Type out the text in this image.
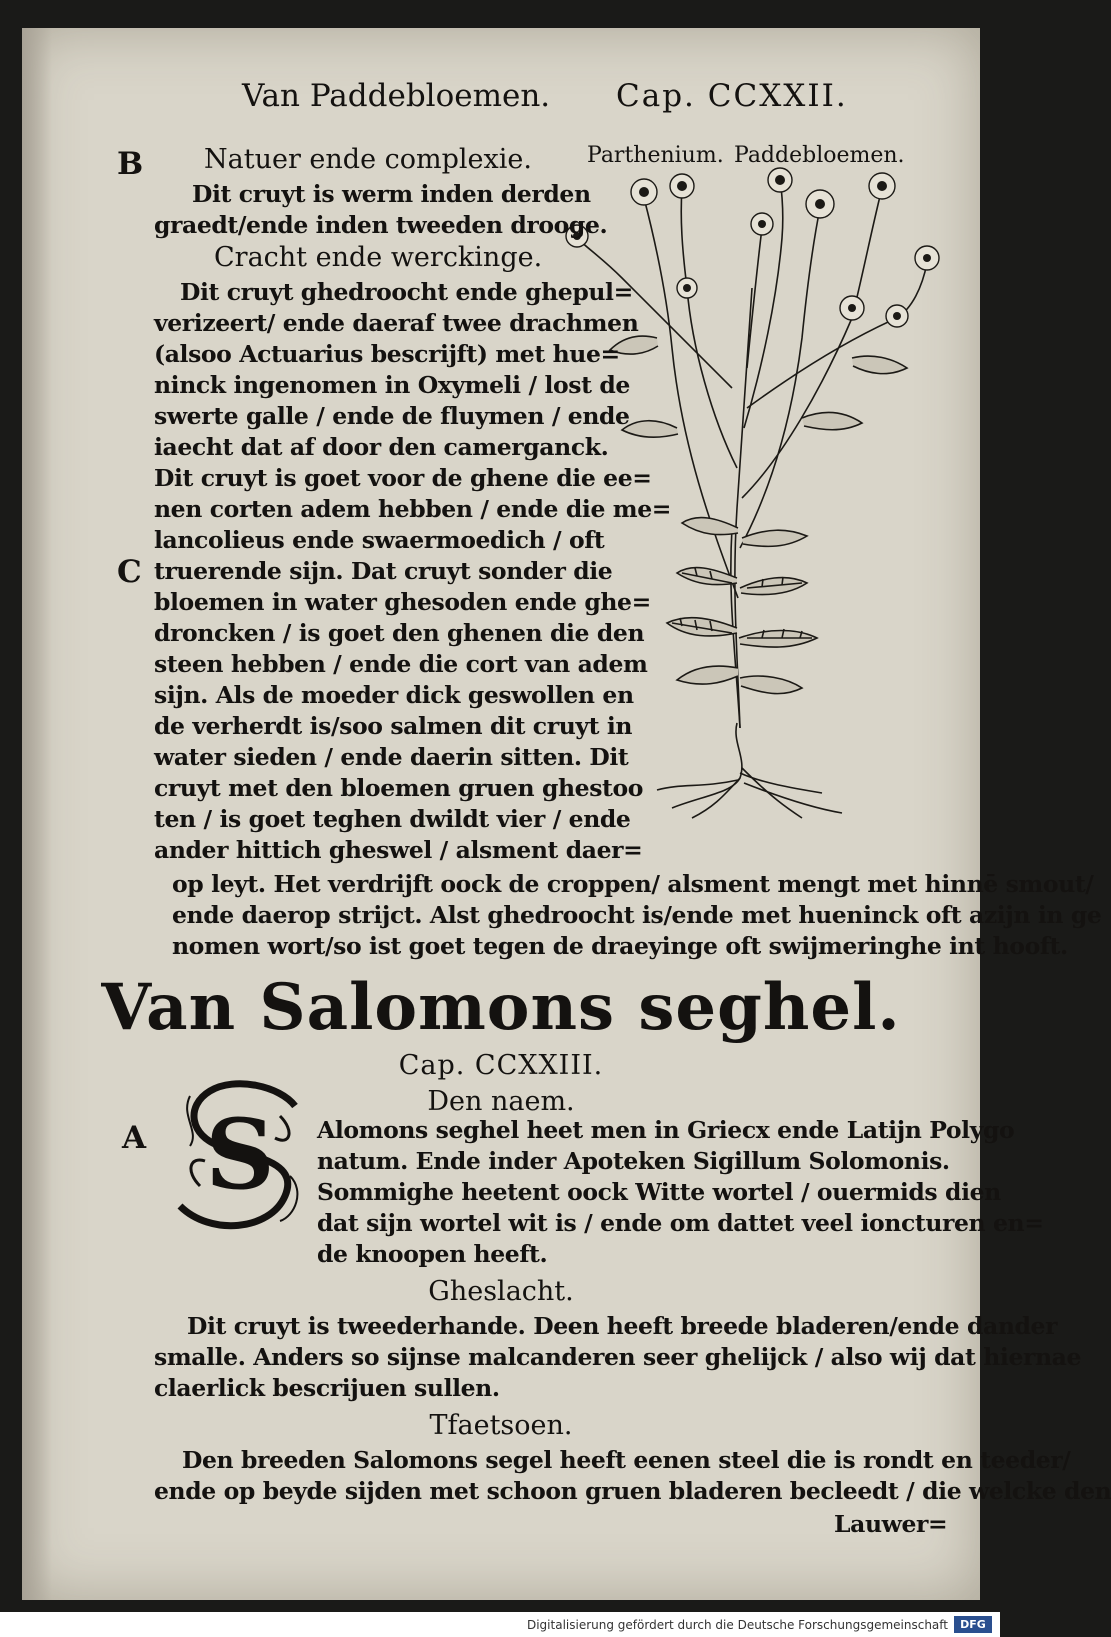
Van Paddebloemen. Cap. CCXXII.
Parthenium. Paddebloemen.
B Natuer ende complexie.
Dit cruyt is werm inden derden
graedt/ende inden tweeden drooge.
Cracht ende werckinge.
Dit cruyt ghedroocht ende ghepul=
verizeert/ ende daeraf twee drachmen
(alsoo Actuarius bescrijft) met hue=
ninck ingenomen in Oxymeli / lost de
swerte galle / ende de fluymen / ende
iaecht dat af door den camerganck.
Dit cruyt is goet voor de ghene die ee=
nen corten adem hebben / ende die me=
lancolieus ende swaermoedich / oft
C truerende sijn. Dat cruyt sonder die
bloemen in water ghesoden ende ghe=
droncken / is goet den ghenen die den
steen hebben / ende die cort van adem
sijn. Als de moeder dick geswollen en
de verherdt is/soo salmen dit cruyt in
water sieden / ende daerin sitten. Dit
cruyt met den bloemen gruen ghestoo
ten / is goet teghen dwildt vier / ende
ander hittich gheswel / alsment daer=
op leyt. Het verdrijft oock de croppen/ alsment mengt met hinnē smout/
ende daerop strijct. Alst ghedroocht is/ende met hueninck oft azijn in ge
nomen wort/so ist goet tegen de draeyinge oft swijmeringhe int hooft.
Van Salomons seghel.
Cap. CCXXIII.
Den naem.
A S Alomons seghel heet men in Griecx ende Latijn Polygo
natum. Ende inder Apoteken Sigillum Solomonis.
Sommighe heetent oock Witte wortel / ouermids dien
dat sijn wortel wit is / ende om dattet veel ioncturen en=
de knoopen heeft.
Gheslacht.
Dit cruyt is tweederhande. Deen heeft breede bladeren/ende dander
smalle. Anders so sijnse malcanderen seer ghelijck / also wij dat hiernae
claerlick bescrijuen sullen.
Tfaetsoen.
Den breeden Salomons segel heeft eenen steel die is rondt en teeder/
ende op beyde sijden met schoon gruen bladeren becleedt / die welcke den
Lauwer=
Digitalisierung gefördert durch die Deutsche Forschungsgemeinschaft	DFG
